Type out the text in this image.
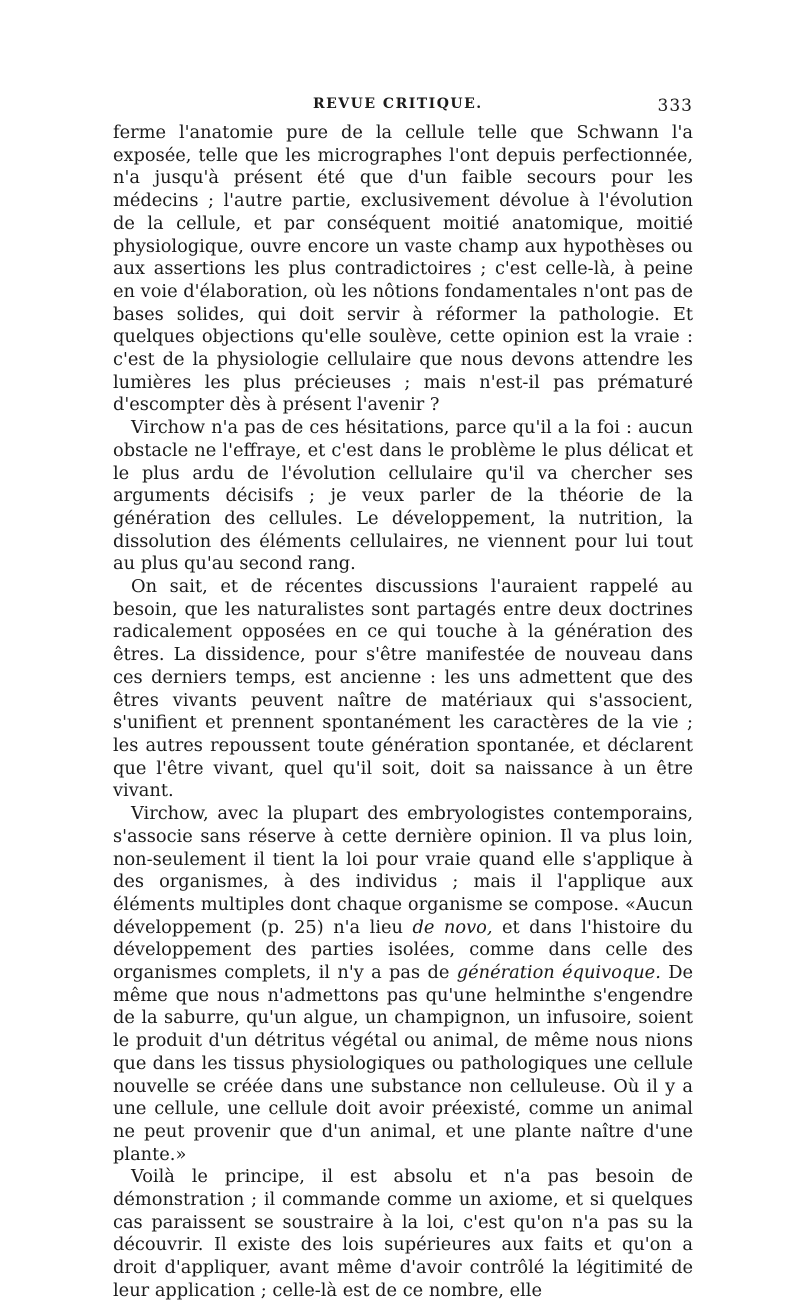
REVUE CRITIQUE.	333

ferme l'anatomie pure de la cellule telle que Schwann l'a exposée, telle que les micrographes l'ont depuis perfectionnée, n'a jusqu'à présent été que d'un faible secours pour les médecins ; l'autre partie, exclusivement dévolue à l'évolution de la cellule, et par conséquent moitié anatomique, moitié physiologique, ouvre encore un vaste champ aux hypothèses ou aux assertions les plus contradictoires ; c'est celle-là, à peine en voie d'élaboration, où les nôtions fondamentales n'ont pas de bases solides, qui doit servir à réformer la pathologie. Et quelques objections qu'elle soulève, cette opinion est la vraie : c'est de la physiologie cellulaire que nous devons attendre les lumières les plus précieuses ; mais n'est-il pas prématuré d'escompter dès à présent l'avenir ?

Virchow n'a pas de ces hésitations, parce qu'il a la foi : aucun obstacle ne l'effraye, et c'est dans le problème le plus délicat et le plus ardu de l'évolution cellulaire qu'il va chercher ses arguments décisifs ; je veux parler de la théorie de la génération des cellules. Le développement, la nutrition, la dissolution des éléments cellulaires, ne viennent pour lui tout au plus qu'au second rang.

On sait, et de récentes discussions l'auraient rappelé au besoin, que les naturalistes sont partagés entre deux doctrines radicalement opposées en ce qui touche à la génération des êtres. La dissidence, pour s'être manifestée de nouveau dans ces derniers temps, est ancienne : les uns admettent que des êtres vivants peuvent naître de matériaux qui s'associent, s'unifient et prennent spontanément les caractères de la vie ; les autres repoussent toute génération spontanée, et déclarent que l'être vivant, quel qu'il soit, doit sa naissance à un être vivant.

Virchow, avec la plupart des embryologistes contemporains, s'associe sans réserve à cette dernière opinion. Il va plus loin, non-seulement il tient la loi pour vraie quand elle s'applique à des organismes, à des individus ; mais il l'applique aux éléments multiples dont chaque organisme se compose. «Aucun développement (p. 25) n'a lieu de novo, et dans l'histoire du développement des parties isolées, comme dans celle des organismes complets, il n'y a pas de génération équivoque. De même que nous n'admettons pas qu'une helminthe s'engendre de la saburre, qu'un algue, un champignon, un infusoire, soient le produit d'un détritus végétal ou animal, de même nous nions que dans les tissus physiologiques ou pathologiques une cellule nouvelle se créée dans une substance non celluleuse. Où il y a une cellule, une cellule doit avoir préexisté, comme un animal ne peut provenir que d'un animal, et une plante naître d'une plante.»

Voilà le principe, il est absolu et n'a pas besoin de démonstration ; il commande comme un axiome, et si quelques cas paraissent se soustraire à la loi, c'est qu'on n'a pas su la découvrir. Il existe des lois supérieures aux faits et qu'on a droit d'appliquer, avant même d'avoir contrôlé la légitimité de leur application ; celle-là est de ce nombre, elle
